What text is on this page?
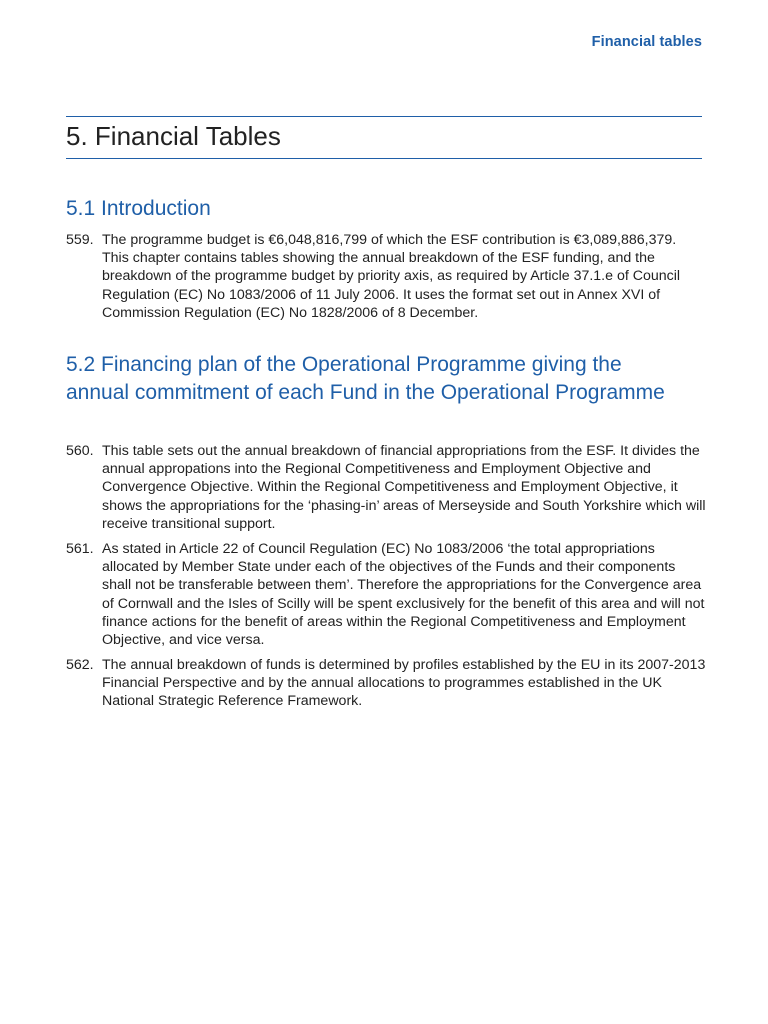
Financial tables
5. Financial Tables
5.1 Introduction
559. The programme budget is €6,048,816,799 of which the ESF contribution is €3,089,886,379. This chapter contains tables showing the annual breakdown of the ESF funding, and the breakdown of the programme budget by priority axis, as required by Article 37.1.e of Council Regulation (EC) No 1083/2006 of 11 July 2006. It uses the format set out in Annex XVI of Commission Regulation (EC) No 1828/2006 of 8 December.
5.2 Financing plan of the Operational Programme giving the annual commitment of each Fund in the Operational Programme
560. This table sets out the annual breakdown of financial appropriations from the ESF. It divides the annual appropations into the Regional Competitiveness and Employment Objective and Convergence Objective. Within the Regional Competitiveness and Employment Objective, it shows the appropriations for the ‘phasing-in’ areas of Merseyside and South Yorkshire which will receive transitional support.
561. As stated in Article 22 of Council Regulation (EC) No 1083/2006 ‘the total appropriations allocated by Member State under each of the objectives of the Funds and their components shall not be transferable between them’. Therefore the appropriations for the Convergence area of Cornwall and the Isles of Scilly will be spent exclusively for the benefit of this area and will not finance actions for the benefit of areas within the Regional Competitiveness and Employment Objective, and vice versa.
562. The annual breakdown of funds is determined by profiles established by the EU in its 2007-2013 Financial Perspective and by the annual allocations to programmes established in the UK National Strategic Reference Framework.
